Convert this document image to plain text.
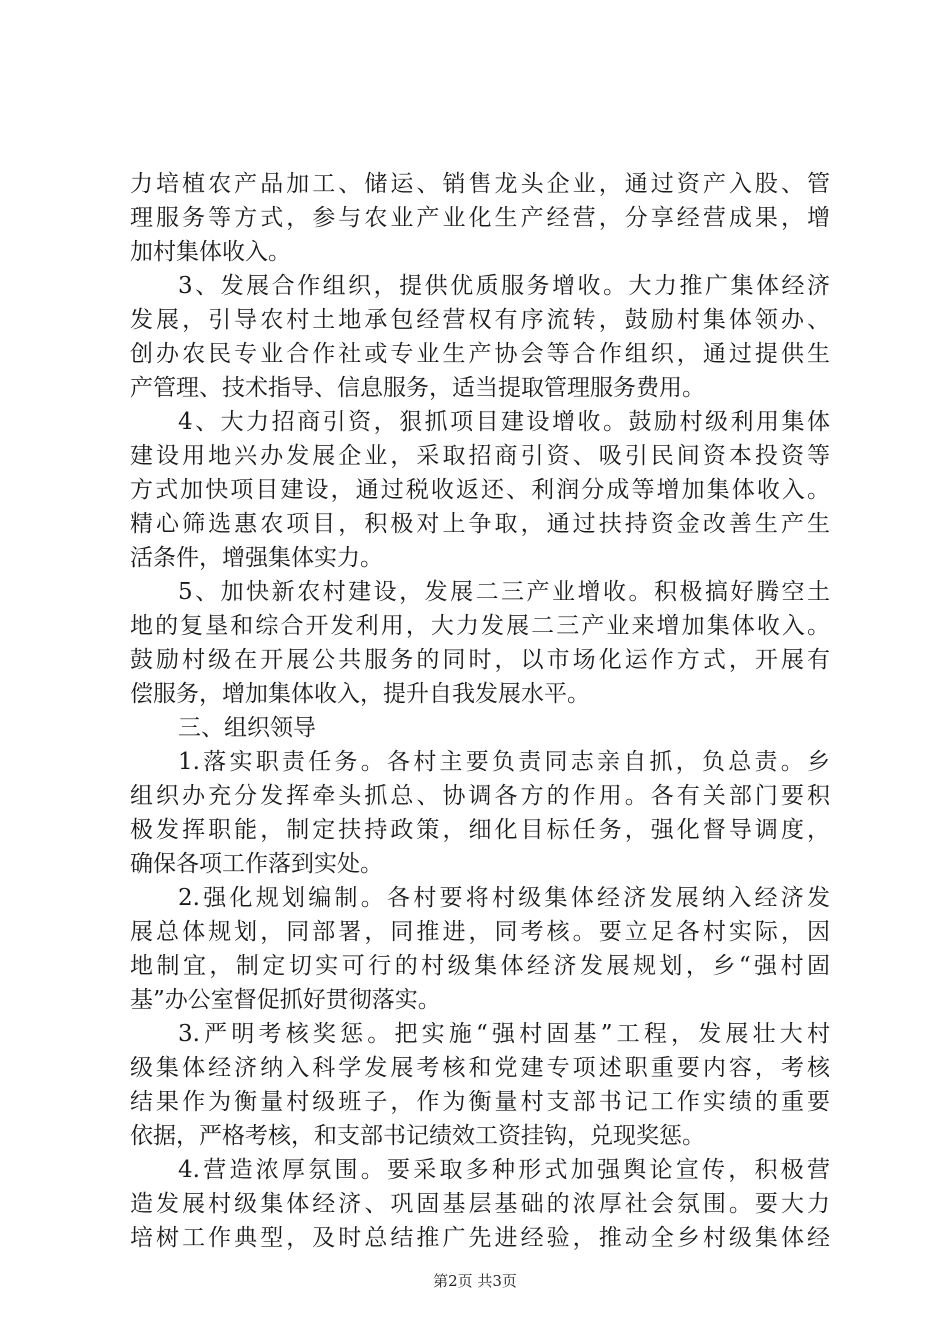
力培植农产品加工、储运、销售龙头企业，通过资产入股、管
理服务等方式，参与农业产业化生产经营，分享经营成果，增
加村集体收入。
3、发展合作组织，提供优质服务增收。大力推广集体经济
发展，引导农村土地承包经营权有序流转，鼓励村集体领办、
创办农民专业合作社或专业生产协会等合作组织，通过提供生
产管理、技术指导、信息服务，适当提取管理服务费用。
4、大力招商引资，狠抓项目建设增收。鼓励村级利用集体
建设用地兴办发展企业，采取招商引资、吸引民间资本投资等
方式加快项目建设，通过税收返还、利润分成等增加集体收入。
精心筛选惠农项目，积极对上争取，通过扶持资金改善生产生
活条件，增强集体实力。
5、加快新农村建设，发展二三产业增收。积极搞好腾空土
地的复垦和综合开发利用，大力发展二三产业来增加集体收入。
鼓励村级在开展公共服务的同时，以市场化运作方式，开展有
偿服务，增加集体收入，提升自我发展水平。
三、组织领导
1.落实职责任务。各村主要负责同志亲自抓，负总责。乡
组织办充分发挥牵头抓总、协调各方的作用。各有关部门要积
极发挥职能，制定扶持政策，细化目标任务，强化督导调度，
确保各项工作落到实处。
2.强化规划编制。各村要将村级集体经济发展纳入经济发
展总体规划，同部署，同推进，同考核。要立足各村实际，因
地制宜，制定切实可行的村级集体经济发展规划，乡“强村固
基”办公室督促抓好贯彻落实。
3.严明考核奖惩。把实施“强村固基”工程，发展壮大村
级集体经济纳入科学发展考核和党建专项述职重要内容，考核
结果作为衡量村级班子，作为衡量村支部书记工作实绩的重要
依据，严格考核，和支部书记绩效工资挂钩，兑现奖惩。
4.营造浓厚氛围。要采取多种形式加强舆论宣传，积极营
造发展村级集体经济、巩固基层基础的浓厚社会氛围。要大力
培树工作典型，及时总结推广先进经验，推动全乡村级集体经
第2页 共3页
